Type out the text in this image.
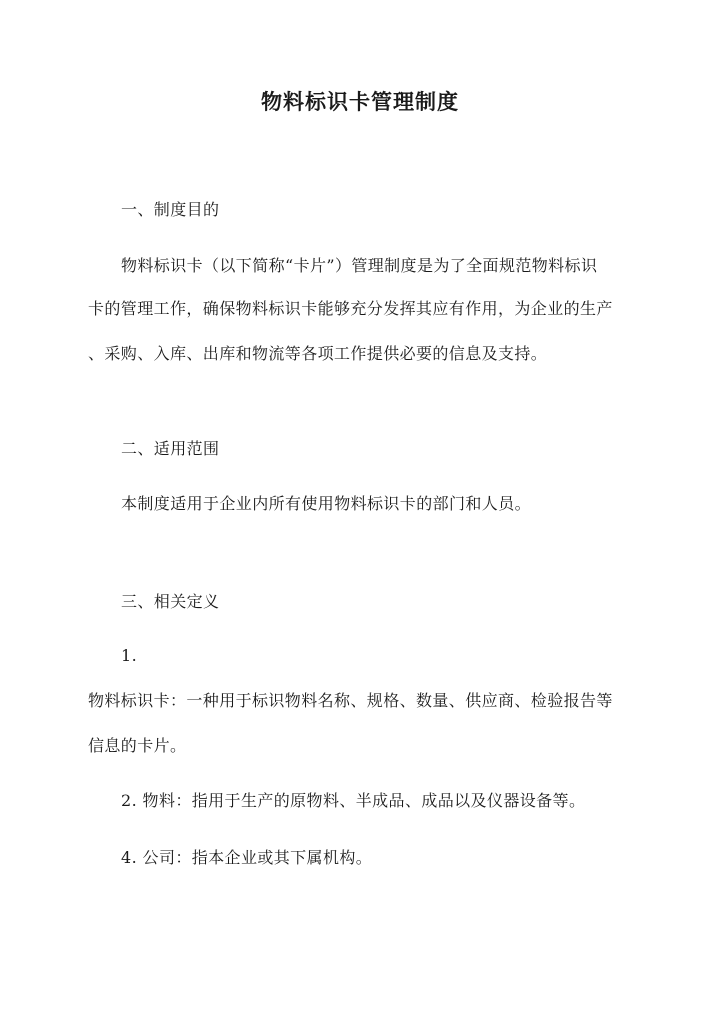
物料标识卡管理制度
一、制度目的
物料标识卡（以下简称“卡片”）管理制度是为了全面规范物料标识
卡的管理工作，确保物料标识卡能够充分发挥其应有作用，为企业的生产
、采购、入库、出库和物流等各项工作提供必要的信息及支持。
二、适用范围
本制度适用于企业内所有使用物料标识卡的部门和人员。
三、相关定义
1.
物料标识卡：一种用于标识物料名称、规格、数量、供应商、检验报告等
信息的卡片。
2. 物料：指用于生产的原物料、半成品、成品以及仪器设备等。
4. 公司：指本企业或其下属机构。
